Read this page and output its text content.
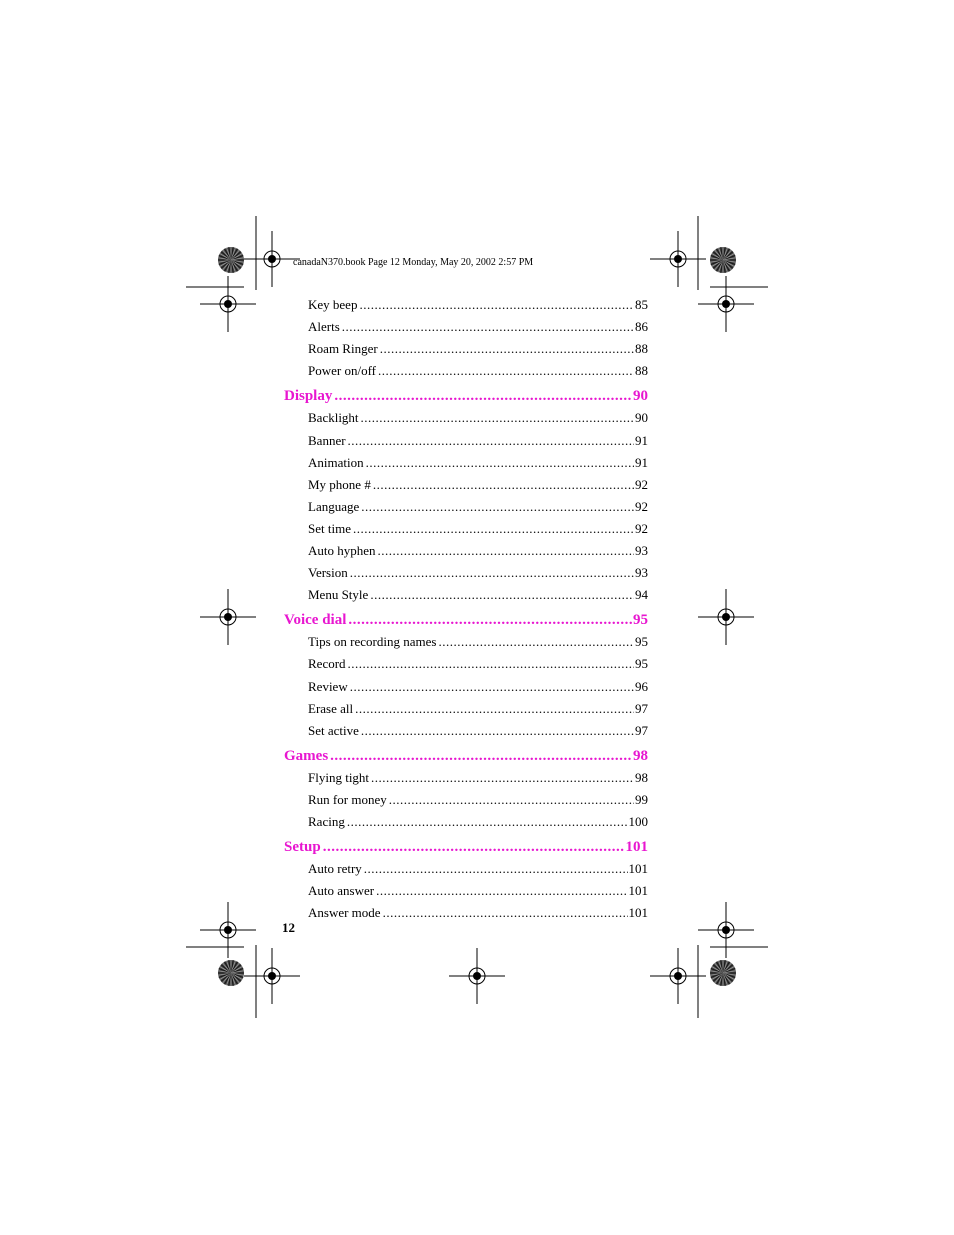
canadaN370.book Page 12 Monday, May 20, 2002 2:57 PM
Key beep .....	85
Alerts .....	86
Roam Ringer .....	88
Power on/off .....	88
Display .....	90
Backlight .....	90
Banner .....	91
Animation .....	91
My phone # .....	92
Language .....	92
Set time .....	92
Auto hyphen .....	93
Version .....	93
Menu Style .....	94
Voice dial .....	95
Tips on recording names .....	95
Record .....	95
Review .....	96
Erase all .....	97
Set active .....	97
Games .....	98
Flying tight .....	98
Run for money .....	99
Racing .....	100
Setup .....	101
Auto retry .....	101
Auto answer .....	101
Answer mode .....	101
12
